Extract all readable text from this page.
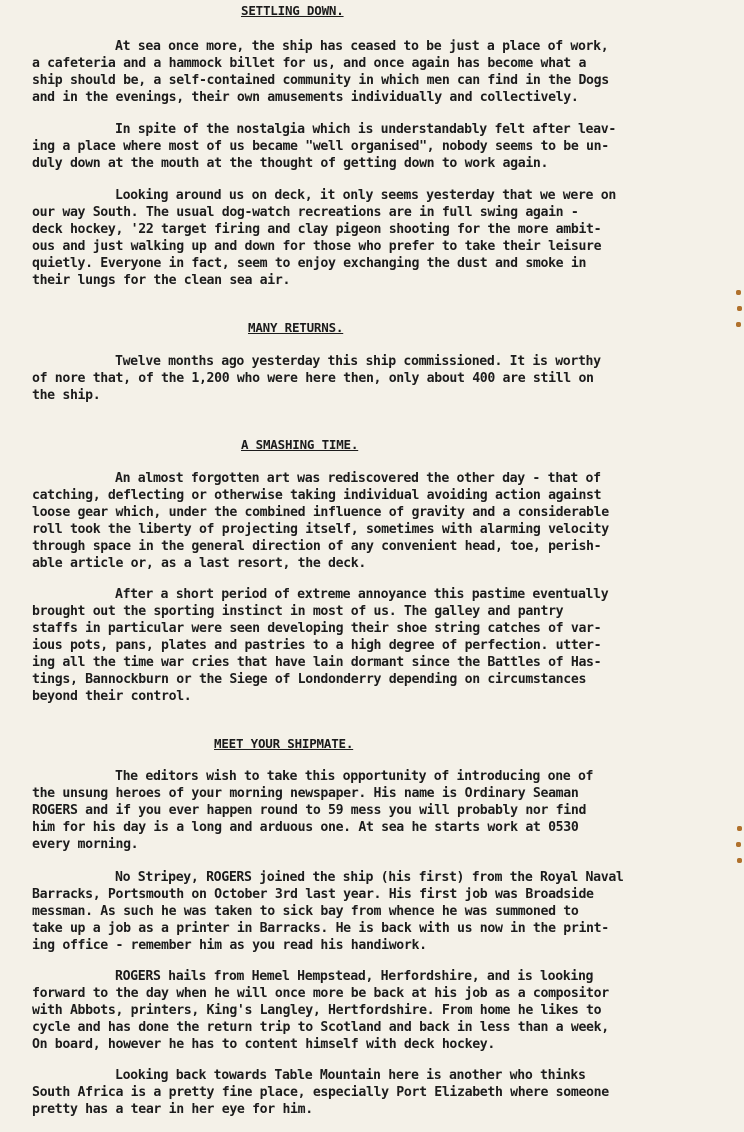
SETTLING DOWN.
At sea once more, the ship has ceased to be just a place of work,
a cafeteria and a hammock billet for us, and once again has become what a
ship should be, a self-contained community in which men can find in the Dogs
and in the evenings, their own amusements individually and collectively.
In spite of the nostalgia which is understandably felt after leav-
ing a place where most of us became "well organised", nobody seems to be un-
duly down at the mouth at the thought of getting down to work again.
Looking around us on deck, it only seems yesterday that we were on
our way South. The usual dog-watch recreations are in full swing again -
deck hockey, '22 target firing and clay pigeon shooting for the more ambit-
ous and just walking up and down for those who prefer to take their leisure
quietly. Everyone in fact, seem to enjoy exchanging the dust and smoke in
their lungs for the clean sea air.
MANY RETURNS.
Twelve months ago yesterday this ship commissioned. It is worthy
of nore that, of the 1,200 who were here then, only about 400 are still on
the ship.
A SMASHING TIME.
An almost forgotten art was rediscovered the other day - that of
catching, deflecting or otherwise taking individual avoiding action against
loose gear which, under the combined influence of gravity and a considerable
roll took the liberty of projecting itself, sometimes with alarming velocity
through space in the general direction of any convenient head, toe, perish-
able article or, as a last resort, the deck.
After a short period of extreme annoyance this pastime eventually
brought out the sporting instinct in most of us. The galley and pantry
staffs in particular were seen developing their shoe string catches of var-
ious pots, pans, plates and pastries to a high degree of perfection. utter-
ing all the time war cries that have lain dormant since the Battles of Has-
tings, Bannockburn or the Siege of Londonderry depending on circumstances
beyond their control.
MEET YOUR SHIPMATE.
The editors wish to take this opportunity of introducing one of
the unsung heroes of your morning newspaper. His name is Ordinary Seaman
ROGERS and if you ever happen round to 59 mess you will probably nor find
him for his day is a long and arduous one. At sea he starts work at 0530
every morning.
No Stripey, ROGERS joined the ship (his first) from the Royal Naval
Barracks, Portsmouth on October 3rd last year. His first job was Broadside
messman. As such he was taken to sick bay from whence he was summoned to
take up a job as a printer in Barracks. He is back with us now in the print-
ing office - remember him as you read his handiwork.
ROGERS hails from Hemel Hempstead, Herfordshire, and is looking
forward to the day when he will once more be back at his job as a compositor
with Abbots, printers, King's Langley, Hertfordshire. From home he likes to
cycle and has done the return trip to Scotland and back in less than a week,
On board, however he has to content himself with deck hockey.
Looking back towards Table Mountain here is another who thinks
South Africa is a pretty fine place, especially Port Elizabeth where someone
pretty has a tear in her eye for him.
